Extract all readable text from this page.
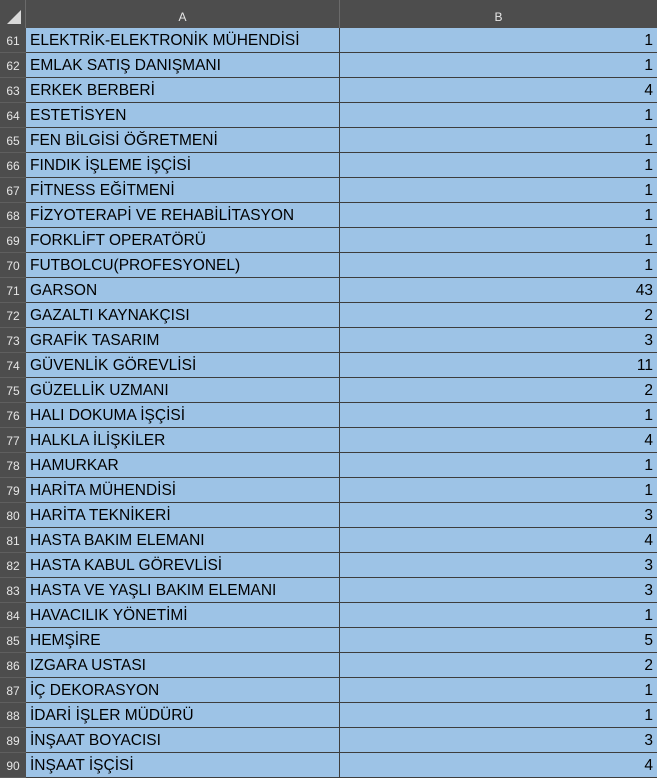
A	B
61 ELEKTRİK-ELEKTRONİK MÜHENDİSİ	1
62 EMLAK SATIŞ DANIŞMANI	1
63 ERKEK BERBERİ	4
64 ESTETİSYEN	1
65 FEN BİLGİSİ ÖĞRETMENİ	1
66 FINDIK İŞLEME İŞÇİSİ	1
67 FİTNESS EĞİTMENİ	1
68 FİZYOTERAPİ VE REHABİLİTASYON	1
69 FORKLİFT OPERATÖRÜ	1
70 FUTBOLCU(PROFESYONEL)	1
71 GARSON	43
72 GAZALTI KAYNAKÇISI	2
73 GRAFİK TASARIM	3
74 GÜVENLİK GÖREVLİSİ	11
75 GÜZELLİK UZMANI	2
76 HALI DOKUMA İŞÇİSİ	1
77 HALKLA İLİŞKİLER	4
78 HAMURKAR	1
79 HARİTA MÜHENDİSİ	1
80 HARİTA TEKNİKERİ	3
81 HASTA BAKIM ELEMANI	4
82 HASTA KABUL GÖREVLİSİ	3
83 HASTA VE YAŞLI BAKIM ELEMANI	3
84 HAVACILIK YÖNETİMİ	1
85 HEMŞİRE	5
86 IZGARA USTASI	2
87 İÇ DEKORASYON	1
88 İDARİ İŞLER MÜDÜRÜ	1
89 İNŞAAT BOYACISI	3
90 İNŞAAT İŞÇİSİ	4
